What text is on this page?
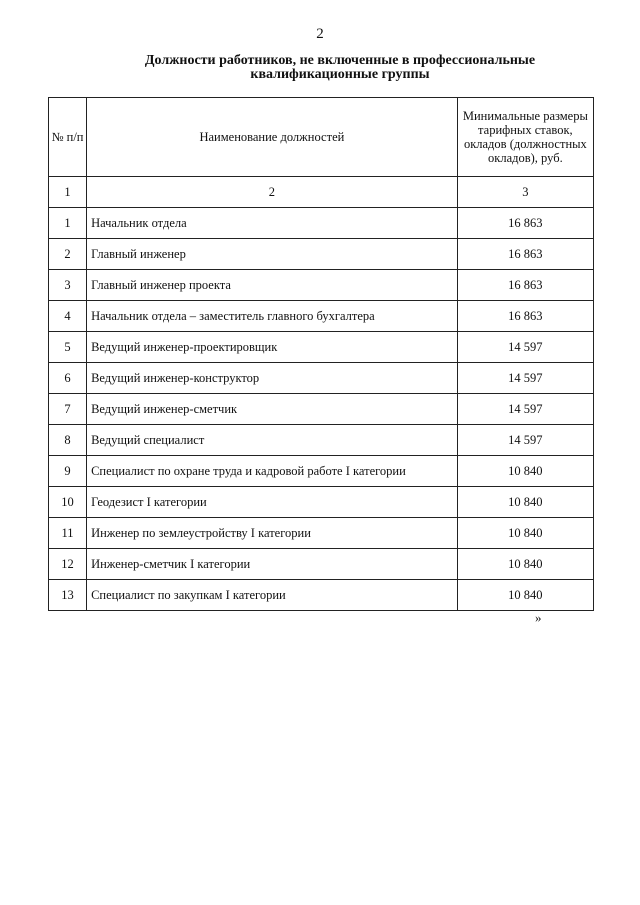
2
Должности работников, не включенные в профессиональные
квалификационные группы
№ п/п	Наименование должностей	Минимальные размеры тарифных ставок, окладов (должностных окладов), руб.
1	2	3
1	Начальник отдела	16 863
2	Главный инженер	16 863
3	Главный инженер проекта	16 863
4	Начальник отдела – заместитель главного бухгалтера	16 863
5	Ведущий инженер-проектировщик	14 597
6	Ведущий инженер-конструктор	14 597
7	Ведущий инженер-сметчик	14 597
8	Ведущий специалист	14 597
9	Специалист по охране труда и кадровой работе I категории	10 840
10	Геодезист I категории	10 840
11	Инженер по землеустройству I категории	10 840
12	Инженер-сметчик I категории	10 840
13	Специалист по закупкам I категории	10 840
»
